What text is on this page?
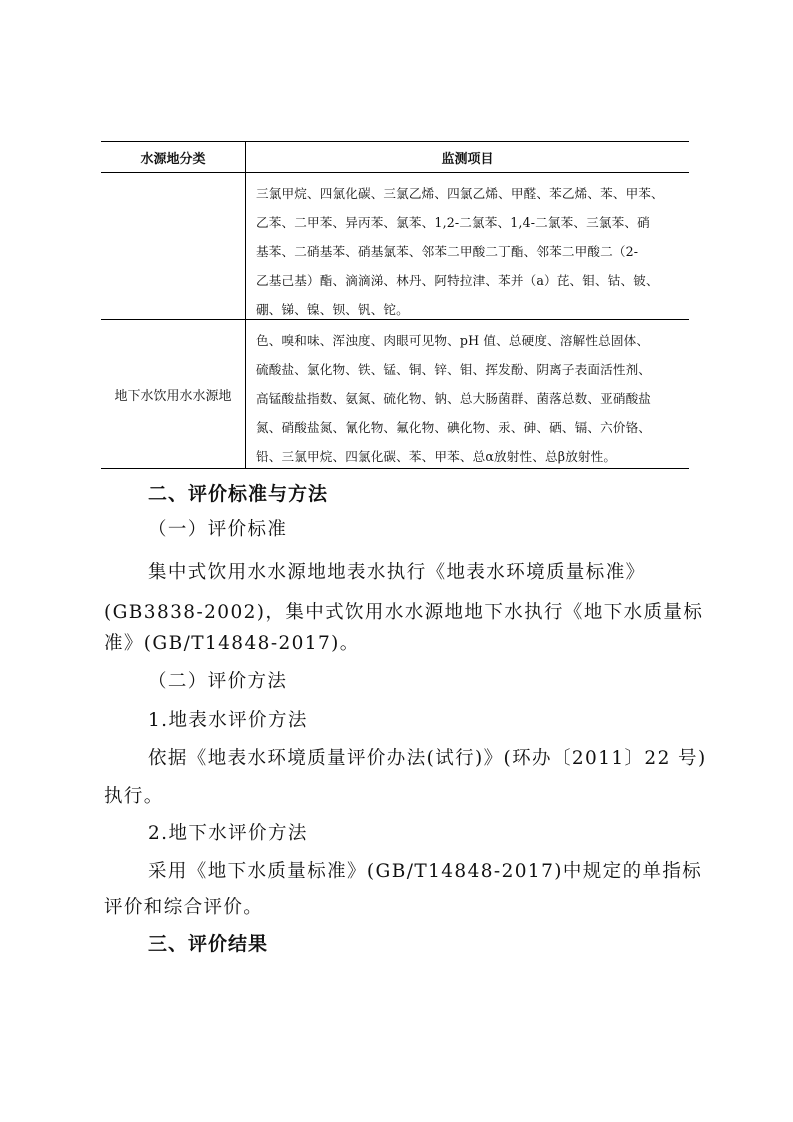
水源地分类	监测项目
三氯甲烷、四氯化碳、三氯乙烯、四氯乙烯、甲醛、苯乙烯、苯、甲苯、
乙苯、二甲苯、异丙苯、氯苯、1,2-二氯苯、1,4-二氯苯、三氯苯、硝
基苯、二硝基苯、硝基氯苯、邻苯二甲酸二丁酯、邻苯二甲酸二（2-
乙基己基）酯、滴滴涕、林丹、阿特拉津、苯并（a）芘、钼、钴、铍、
硼、锑、镍、钡、钒、铊。
地下水饮用水水源地
色、嗅和味、浑浊度、肉眼可见物、pH 值、总硬度、溶解性总固体、
硫酸盐、氯化物、铁、锰、铜、锌、钼、挥发酚、阴离子表面活性剂、
高锰酸盐指数、氨氮、硫化物、钠、总大肠菌群、菌落总数、亚硝酸盐
氮、硝酸盐氮、氰化物、氟化物、碘化物、汞、砷、硒、镉、六价铬、
铅、三氯甲烷、四氯化碳、苯、甲苯、总α放射性、总β放射性。
二、评价标准与方法
（一）评价标准
集中式饮用水水源地地表水执行《地表水环境质量标准》
(GB3838-2002)，集中式饮用水水源地地下水执行《地下水质量标
准》(GB/T14848-2017)。
（二）评价方法
1.地表水评价方法
依据《地表水环境质量评价办法(试行)》(环办〔2011〕22 号)
执行。
2.地下水评价方法
采用《地下水质量标准》(GB/T14848-2017)中规定的单指标
评价和综合评价。
三、评价结果
